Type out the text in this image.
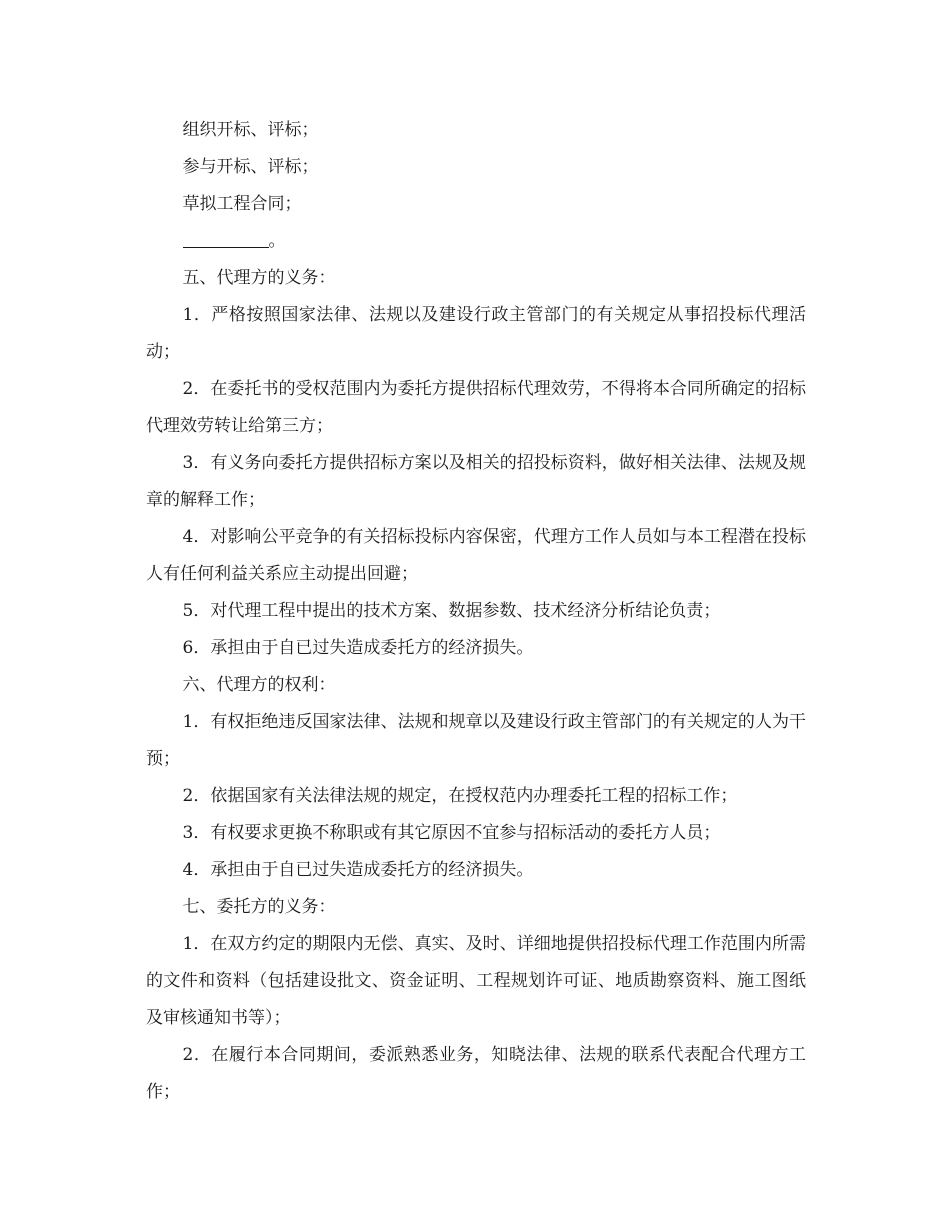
组织开标、评标；

参与开标、评标；

草拟工程合同；

。

五、代理方的义务：

1．严格按照国家法律、法规以及建设行政主管部门的有关规定从事招投标代理活动；

2．在委托书的受权范围内为委托方提供招标代理效劳，不得将本合同所确定的招标代理效劳转让给第三方；

3．有义务向委托方提供招标方案以及相关的招投标资料，做好相关法律、法规及规章的解释工作；

4．对影响公平竞争的有关招标投标内容保密，代理方工作人员如与本工程潜在投标人有任何利益关系应主动提出回避；

5．对代理工程中提出的技术方案、数据参数、技术经济分析结论负责；

6．承担由于自已过失造成委托方的经济损失。

六、代理方的权利：

1．有权拒绝违反国家法律、法规和规章以及建设行政主管部门的有关规定的人为干预；

2．依据国家有关法律法规的规定，在授权范内办理委托工程的招标工作；

3．有权要求更换不称职或有其它原因不宜参与招标活动的委托方人员；

4．承担由于自已过失造成委托方的经济损失。

七、委托方的义务：

1．在双方约定的期限内无偿、真实、及时、详细地提供招投标代理工作范围内所需的文件和资料（包括建设批文、资金证明、工程规划许可证、地质勘察资料、施工图纸及审核通知书等）；

2．在履行本合同期间，委派熟悉业务，知晓法律、法规的联系代表配合代理方工作；
